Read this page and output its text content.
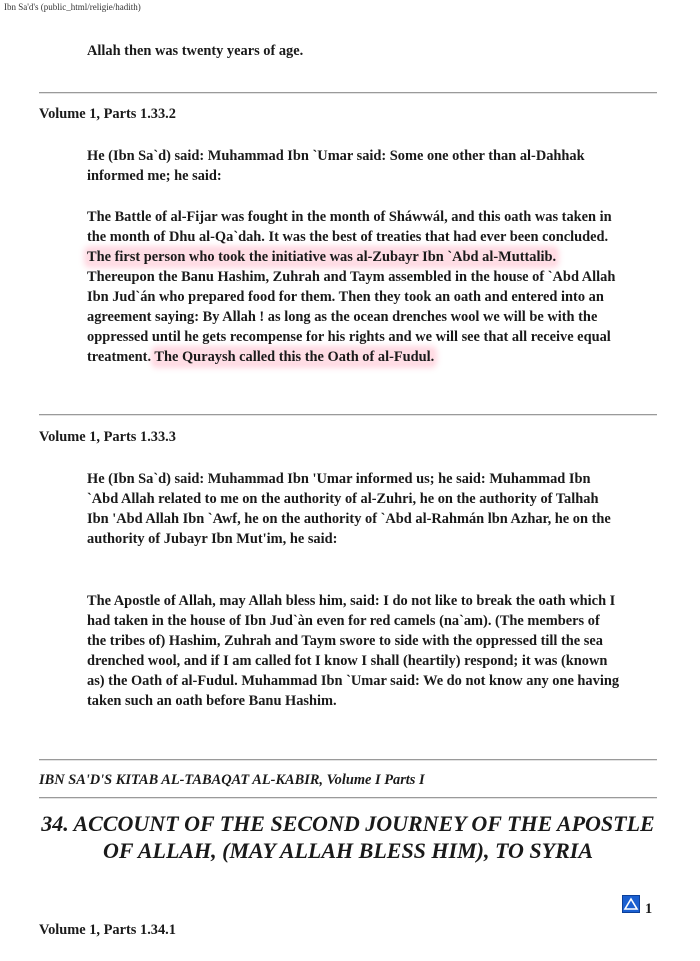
Ibn Sa'd's (public_html/religie/hadith)

Allah then was twenty years of age.

Volume 1, Parts 1.33.2

He (Ibn Sa`d) said: Muhammad Ibn `Umar said: Some one other than al-Dahhak informed me; he said:

The Battle of al-Fijar was fought in the month of Sháwwál, and this oath was taken in the month of Dhu al-Qa`dah. It was the best of treaties that had ever been concluded. The first person who took the initiative was al-Zubayr Ibn `Abd al-Muttalib. Thereupon the Banu Hashim, Zuhrah and Taym assembled in the house of `Abd Allah Ibn Jud`án who prepared food for them. Then they took an oath and entered into an agreement saying: By Allah ! as long as the ocean drenches wool we will be with the oppressed until he gets recompense for his rights and we will see that all receive equal treatment. The Quraysh called this the Oath of al-Fudul.

Volume 1, Parts 1.33.3

He (Ibn Sa`d) said: Muhammad Ibn 'Umar informed us; he said: Muhammad Ibn `Abd Allah related to me on the authority of al-Zuhri, he on the authority of Talhah Ibn 'Abd Allah Ibn `Awf, he on the authority of `Abd al-Rahmán lbn Azhar, he on the authority of Jubayr Ibn Mut'im, he said:

The Apostle of Allah, may Allah bless him, said: I do not like to break the oath which I had taken in the house of Ibn Jud`àn even for red camels (na`am). (The members of the tribes of) Hashim, Zuhrah and Taym swore to side with the oppressed till the sea drenched wool, and if I am called fot I know I shall (heartily) respond; it was (known as) the Oath of al-Fudul. Muhammad Ibn `Umar said: We do not know any one having taken such an oath before Banu Hashim.

IBN SA'D'S KITAB AL-TABAQAT AL-KABIR, Volume I Parts I
34. ACCOUNT OF THE SECOND JOURNEY OF THE APOSTLE OF ALLAH, (MAY ALLAH BLESS HIM), TO SYRIA
1
Volume 1, Parts 1.34.1
